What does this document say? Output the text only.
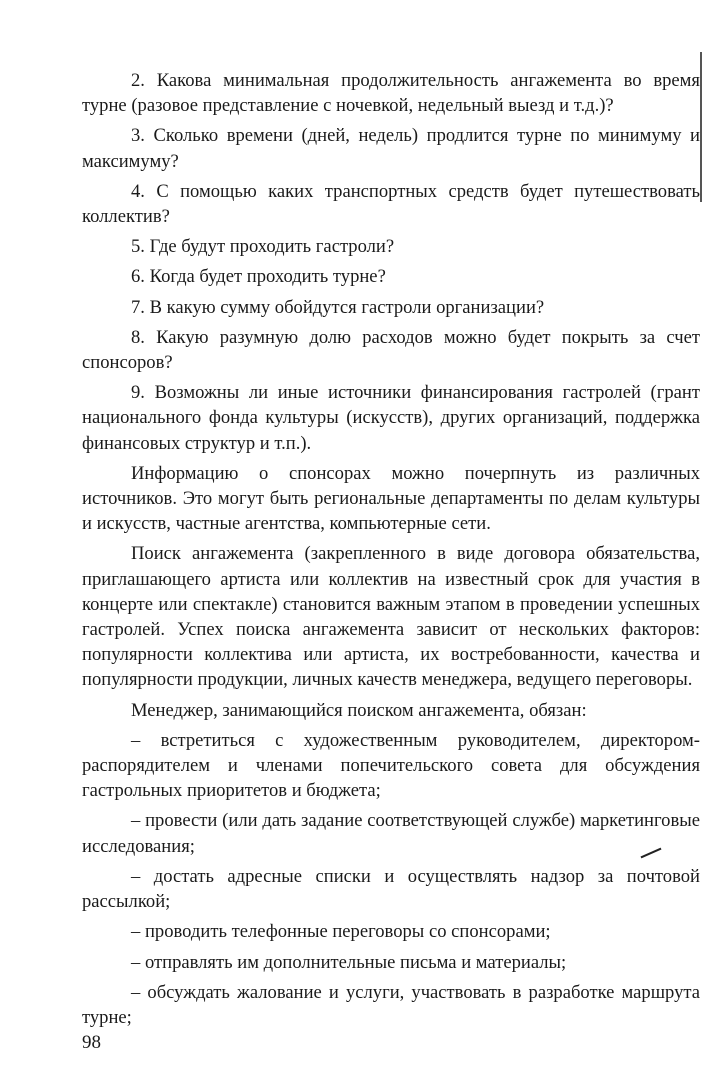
2. Какова минимальная продолжительность ангажемента во время турне (разовое представление с ночевкой, недельный выезд и т.д.)?

3. Сколько времени (дней, недель) продлится турне по минимуму и максимуму?

4. С помощью каких транспортных средств будет путешествовать коллектив?

5. Где будут проходить гастроли?

6. Когда будет проходить турне?

7. В какую сумму обойдутся гастроли организации?

8. Какую разумную долю расходов можно будет покрыть за счет спонсоров?

9. Возможны ли иные источники финансирования гастролей (грант национального фонда культуры (искусств), других организаций, поддержка финансовых структур и т.п.).

Информацию о спонсорах можно почерпнуть из различных источников. Это могут быть региональные департаменты по делам культуры и искусств, частные агентства, компьютерные сети.

Поиск ангажемента (закрепленного в виде договора обязательства, приглашающего артиста или коллектив на известный срок для участия в концерте или спектакле) становится важным этапом в проведении успешных гастролей. Успех поиска ангажемента зависит от нескольких факторов: популярности коллектива или артиста, их востребованности, качества и популярности продукции, личных качеств менеджера, ведущего переговоры.

Менеджер, занимающийся поиском ангажемента, обязан:

– встретиться с художественным руководителем, директором-распорядителем и членами попечительского совета для обсуждения гастрольных приоритетов и бюджета;

– провести (или дать задание соответствующей службе) маркетинговые исследования;

– достать адресные списки и осуществлять надзор за почтовой рассылкой;

– проводить телефонные переговоры со спонсорами;

– отправлять им дополнительные письма и материалы;

– обсуждать жалование и услуги, участвовать в разработке маршрута турне;

98
